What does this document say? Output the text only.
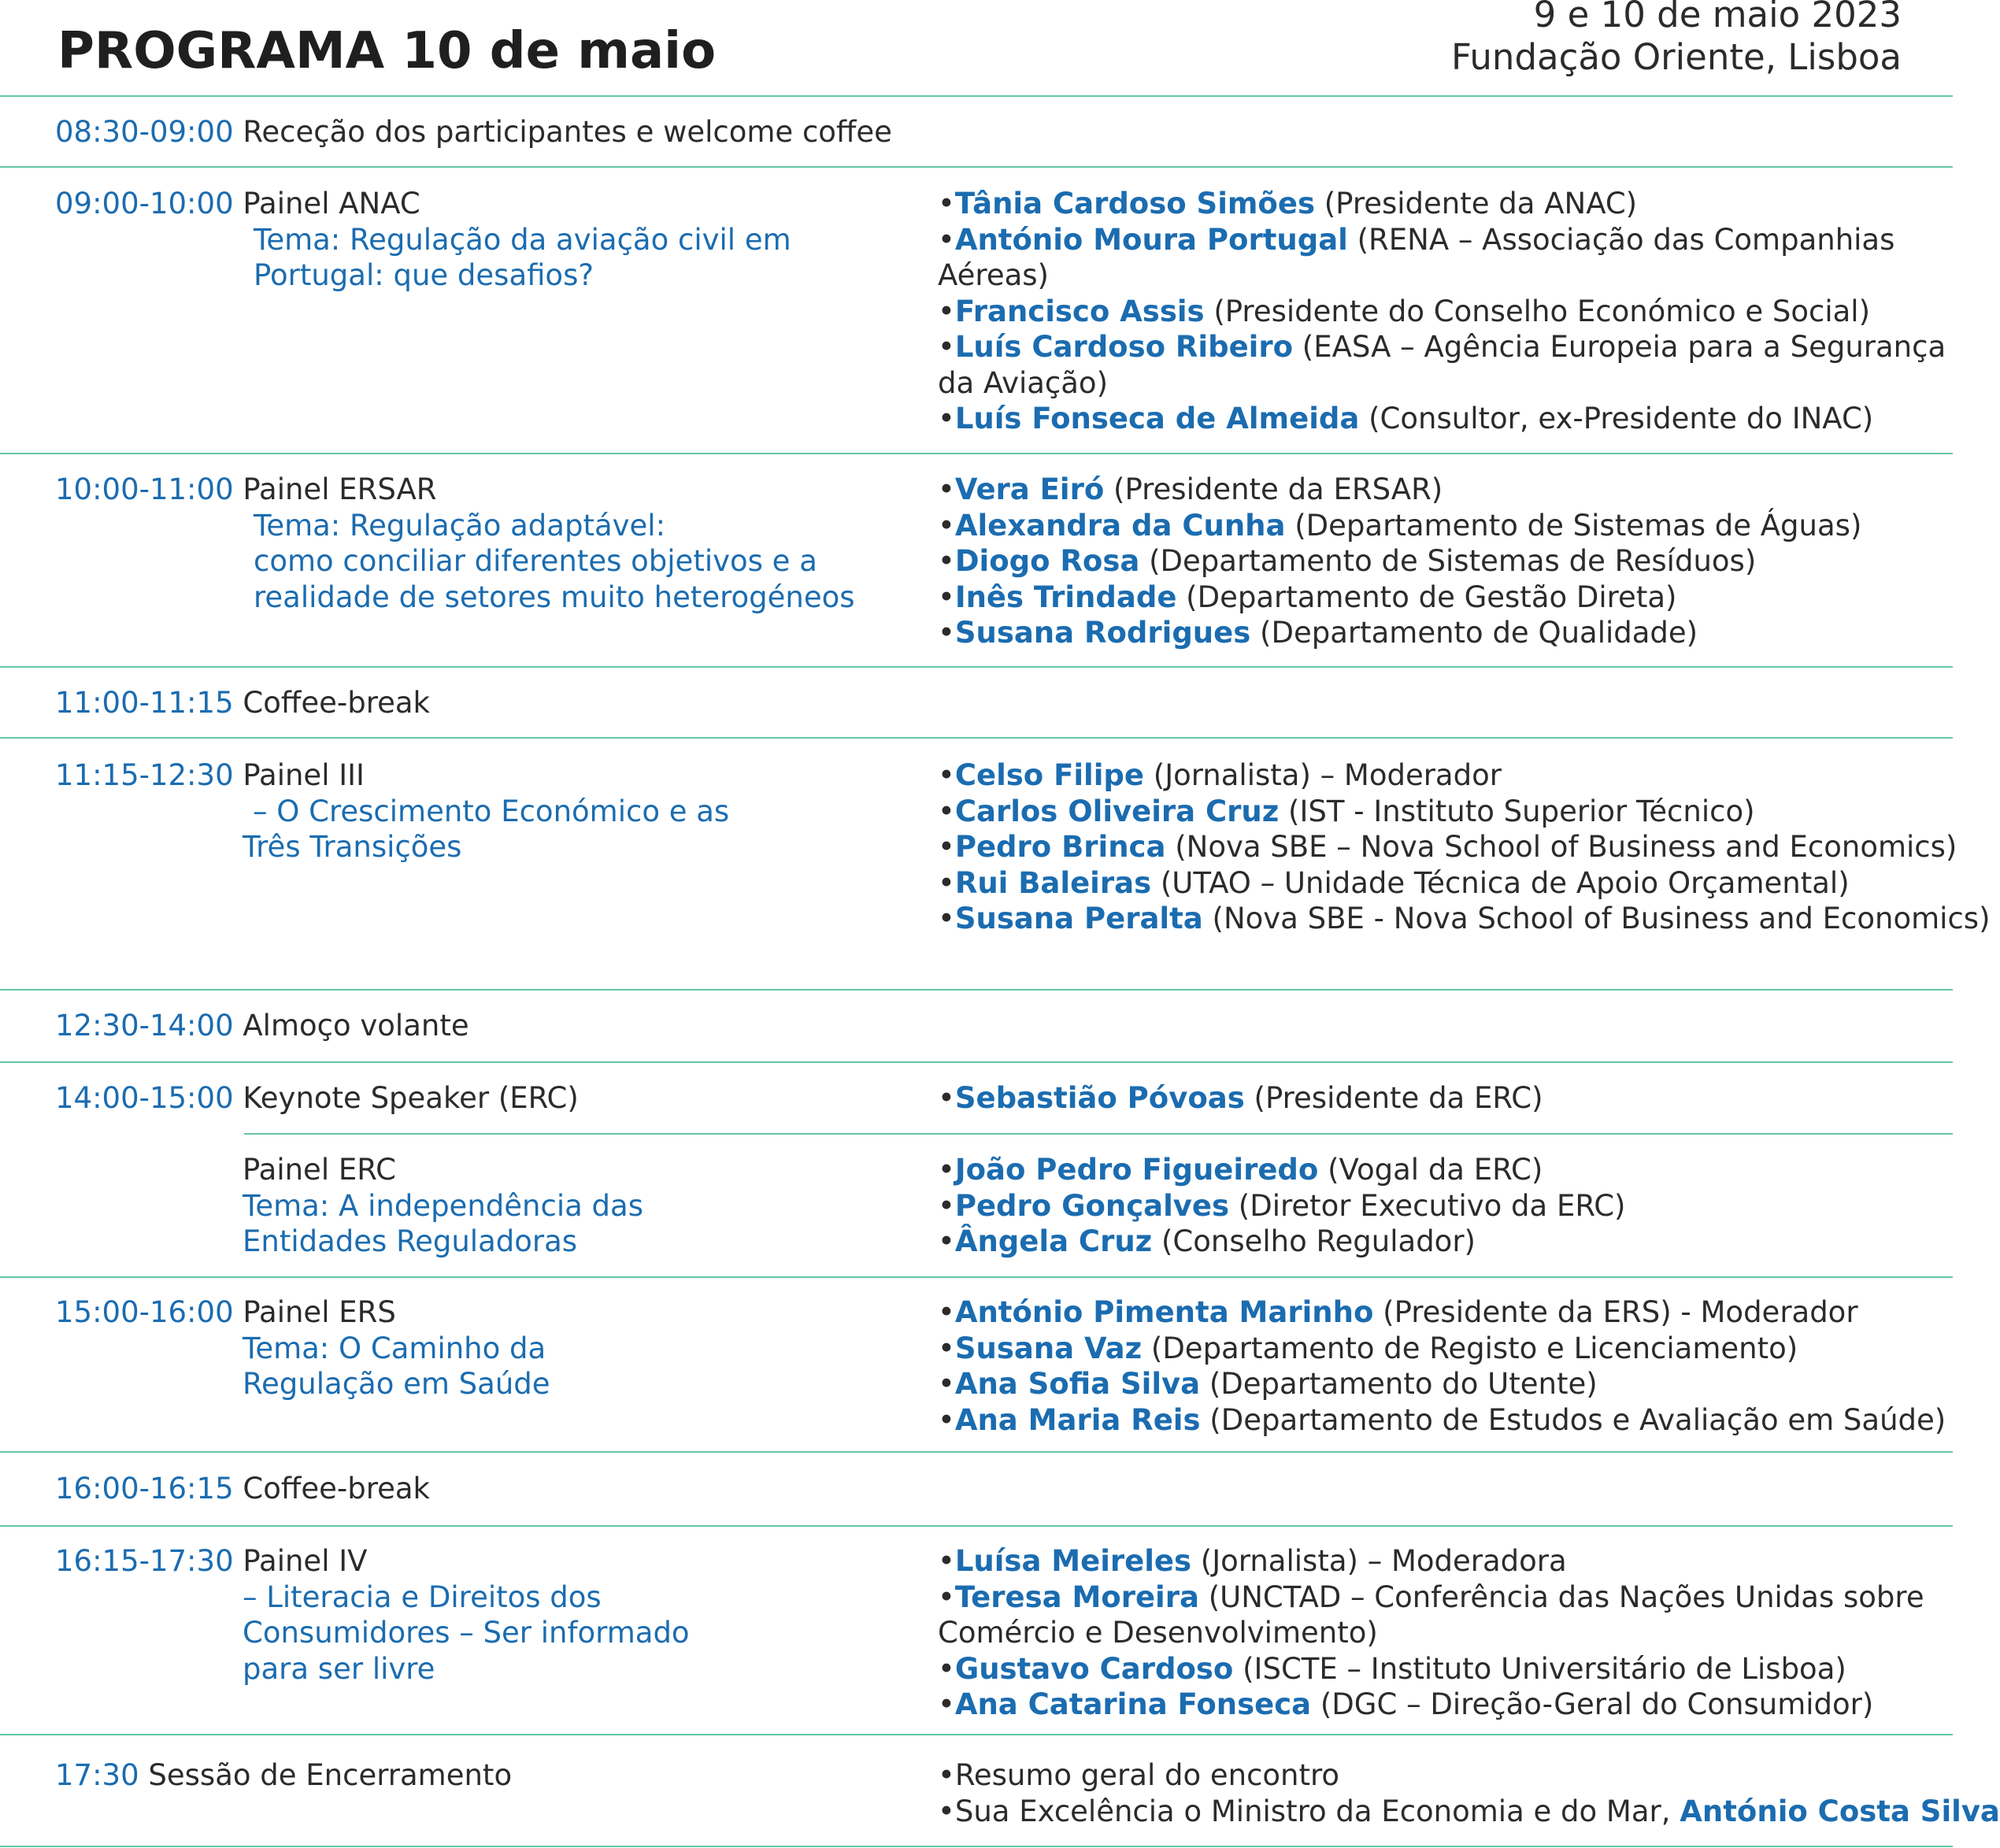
PROGRAMA 10 de maio
9 e 10 de maio 2023
Fundação Oriente, Lisboa
08:30-09:00 Receção dos participantes e welcome coffee
09:00-10:00 Painel ANAC
Tema: Regulação da aviação civil em
Portugal: que desafios?
•Tânia Cardoso Simões (Presidente da ANAC)
•António Moura Portugal (RENA – Associação das Companhias
Aéreas)
•Francisco Assis (Presidente do Conselho Económico e Social)
•Luís Cardoso Ribeiro (EASA – Agência Europeia para a Segurança
da Aviação)
•Luís Fonseca de Almeida (Consultor, ex-Presidente do INAC)
10:00-11:00 Painel ERSAR
Tema: Regulação adaptável:
como conciliar diferentes objetivos e a
realidade de setores muito heterogéneos
•Vera Eiró (Presidente da ERSAR)
•Alexandra da Cunha (Departamento de Sistemas de Águas)
•Diogo Rosa (Departamento de Sistemas de Resíduos)
•Inês Trindade (Departamento de Gestão Direta)
•Susana Rodrigues (Departamento de Qualidade)
11:00-11:15 Coffee-break
11:15-12:30 Painel III
– O Crescimento Económico e as
Três Transições
•Celso Filipe (Jornalista) – Moderador
•Carlos Oliveira Cruz (IST - Instituto Superior Técnico)
•Pedro Brinca (Nova SBE – Nova School of Business and Economics)
•Rui Baleiras (UTAO – Unidade Técnica de Apoio Orçamental)
•Susana Peralta (Nova SBE - Nova School of Business and Economics)
12:30-14:00 Almoço volante
14:00-15:00 Keynote Speaker (ERC)	•Sebastião Póvoas (Presidente da ERC)
Painel ERC
Tema: A independência das
Entidades Reguladoras
•João Pedro Figueiredo (Vogal da ERC)
•Pedro Gonçalves (Diretor Executivo da ERC)
•Ângela Cruz (Conselho Regulador)
15:00-16:00 Painel ERS
Tema: O Caminho da
Regulação em Saúde
•António Pimenta Marinho (Presidente da ERS) - Moderador
•Susana Vaz (Departamento de Registo e Licenciamento)
•Ana Sofia Silva (Departamento do Utente)
•Ana Maria Reis (Departamento de Estudos e Avaliação em Saúde)
16:00-16:15 Coffee-break
16:15-17:30 Painel IV
– Literacia e Direitos dos
Consumidores – Ser informado
para ser livre
•Luísa Meireles (Jornalista) – Moderadora
•Teresa Moreira (UNCTAD – Conferência das Nações Unidas sobre
Comércio e Desenvolvimento)
•Gustavo Cardoso (ISCTE – Instituto Universitário de Lisboa)
•Ana Catarina Fonseca (DGC – Direção-Geral do Consumidor)
17:30 Sessão de Encerramento	•Resumo geral do encontro
•Sua Excelência o Ministro da Economia e do Mar, António Costa Silva
